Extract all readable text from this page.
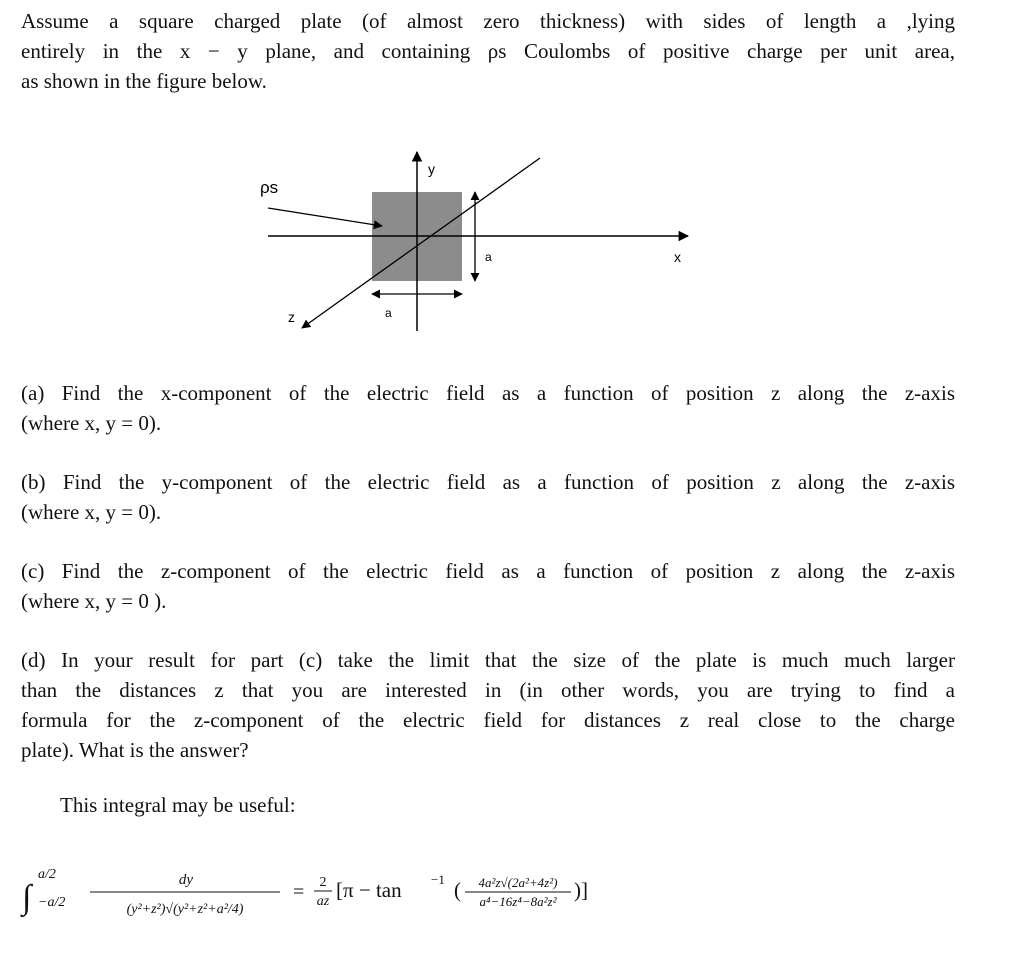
Assume a square charged plate (of almost zero thickness) with sides of length a ,lying
entirely in the x − y plane, and containing ρs Coulombs of positive charge per unit area,
as shown in the figure below.
ρs
y
x
z
a
a
(a) Find the x-component of the electric field as a function of position z along the z-axis
(where x, y = 0).
(b) Find the y-component of the electric field as a function of position z along the z-axis
(where x, y = 0).
(c) Find the z-component of the electric field as a function of position z along the z-axis
(where x, y = 0 ).
(d) In your result for part (c) take the limit that the size of the plate is much much larger
than the distances z that you are interested in (in other words, you are trying to find a
formula for the z-component of the electric field for distances z real close to the charge
plate). What is the answer?
This integral may be useful:
∫
a/2
−a/2
dy
(y²+z²)√(y²+z²+a²/4)
= 2
az [π − tan −1 ( 4a²z√(2a²+4z²)
a⁴−16z⁴−8a²z² )]
